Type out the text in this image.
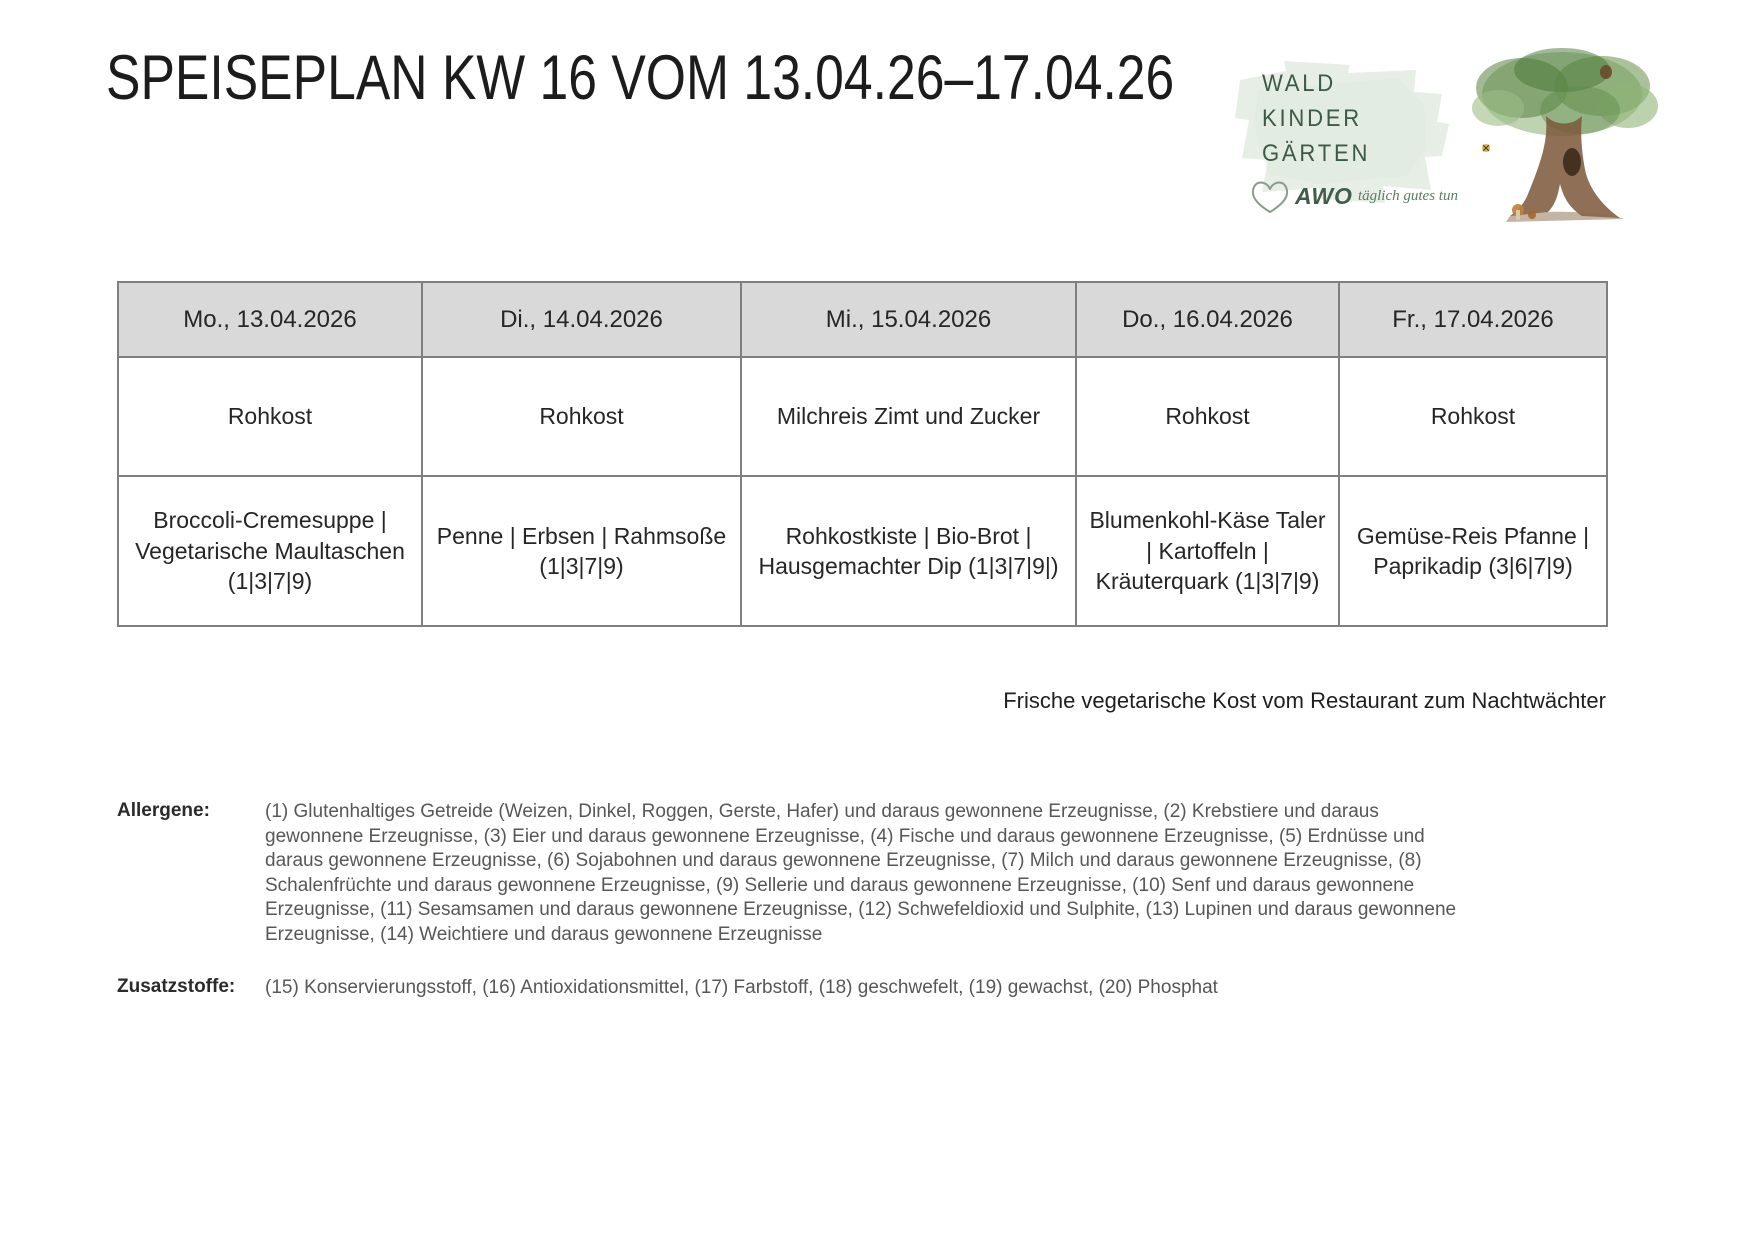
SPEISEPLAN KW 16 VOM 13.04.26–17.04.26	WALD
KINDER
GÄRTEN
AWO täglich gutes tun
Mo., 13.04.2026	Di., 14.04.2026	Mi., 15.04.2026	Do., 16.04.2026	Fr., 17.04.2026
Rohkost	Rohkost	Milchreis Zimt und Zucker	Rohkost	Rohkost
Broccoli-Cremesuppe | Vegetarische Maultaschen (1|3|7|9)	Penne | Erbsen | Rahmsoße (1|3|7|9)	Rohkostkiste | Bio-Brot | Hausgemachter Dip (1|3|7|9|)	Blumenkohl-Käse Taler | Kartoffeln | Kräuterquark (1|3|7|9)	Gemüse-Reis Pfanne | Paprikadip (3|6|7|9)
Frische vegetarische Kost vom Restaurant zum Nachtwächter
Allergene:	(1) Glutenhaltiges Getreide (Weizen, Dinkel, Roggen, Gerste, Hafer) und daraus gewonnene Erzeugnisse, (2) Krebstiere und daraus gewonnene Erzeugnisse, (3) Eier und daraus gewonnene Erzeugnisse, (4) Fische und daraus gewonnene Erzeugnisse, (5) Erdnüsse und daraus gewonnene Erzeugnisse, (6) Sojabohnen und daraus gewonnene Erzeugnisse, (7) Milch und daraus gewonnene Erzeugnisse, (8) Schalenfrüchte und daraus gewonnene Erzeugnisse, (9) Sellerie und daraus gewonnene Erzeugnisse, (10) Senf und daraus gewonnene Erzeugnisse, (11) Sesamsamen und daraus gewonnene Erzeugnisse, (12) Schwefeldioxid und Sulphite, (13) Lupinen und daraus gewonnene Erzeugnisse, (14) Weichtiere und daraus gewonnene Erzeugnisse
Zusatzstoffe: (15) Konservierungsstoff, (16) Antioxidationsmittel, (17) Farbstoff, (18) geschwefelt, (19) gewachst, (20) Phosphat
